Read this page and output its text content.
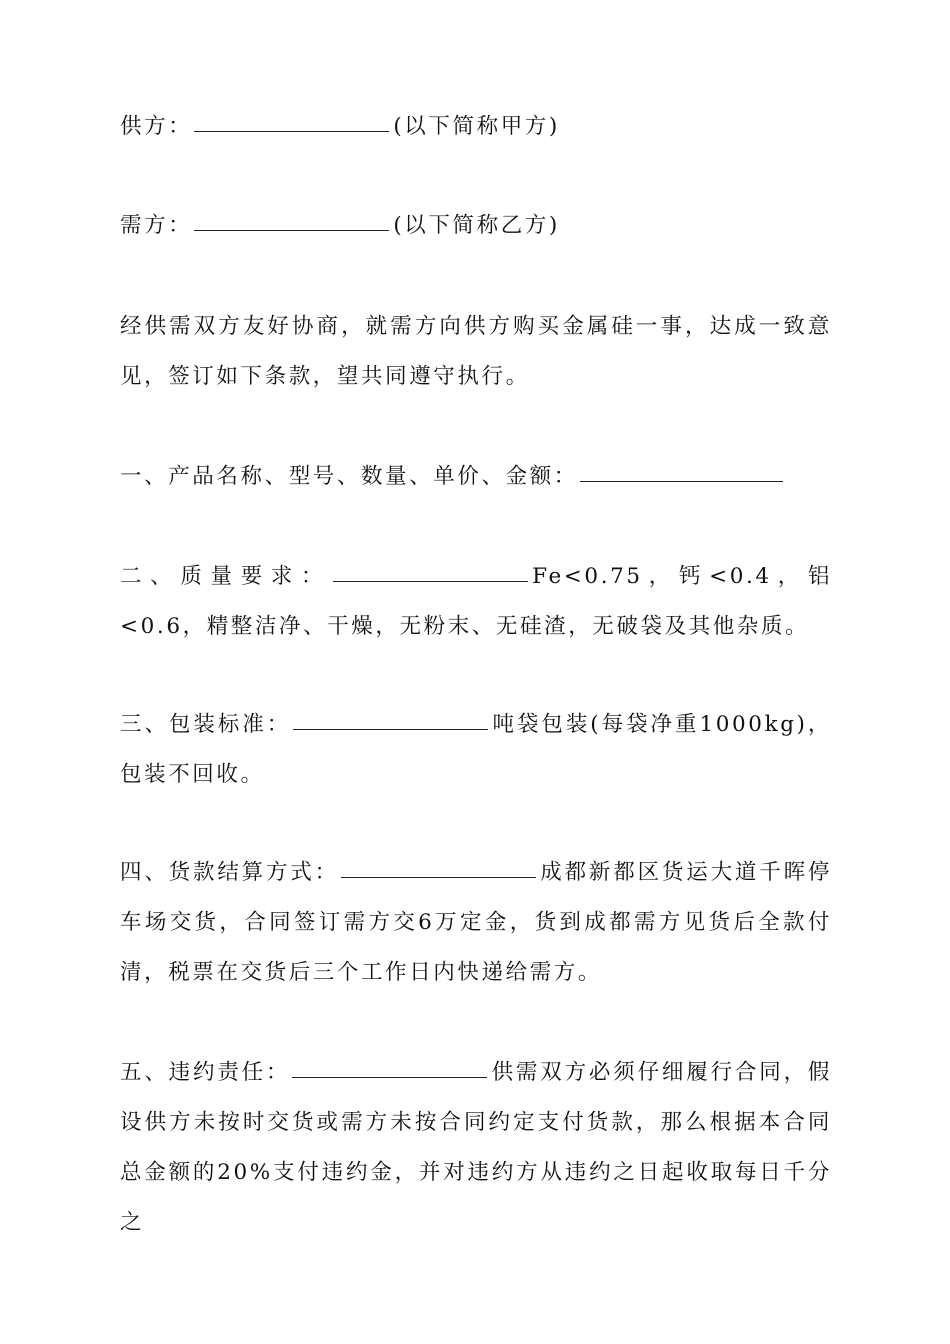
供方：	(以下简称甲方)

需方：	(以下简称乙方)

经供需双方友好协商，就需方向供方购买金属硅一事，达成一致意见，签订如下条款，望共同遵守执行。

一、产品名称、型号、数量、单价、金额：

二、质量要求：	Fe<0.75，钙<0.4，铝<0.6，精整洁净、干燥，无粉末、无硅渣，无破袋及其他杂质。

三、包装标准：	吨袋包装(每袋净重1000kg)，包装不回收。

四、货款结算方式：	成都新都区货运大道千晖停车场交货，合同签订需方交6万定金，货到成都需方见货后全款付清，税票在交货后三个工作日内快递给需方。

五、违约责任：	供需双方必须仔细履行合同，假设供方未按时交货或需方未按合同约定支付货款，那么根据本合同总金额的20%支付违约金，并对违约方从违约之日起收取每日千分之
